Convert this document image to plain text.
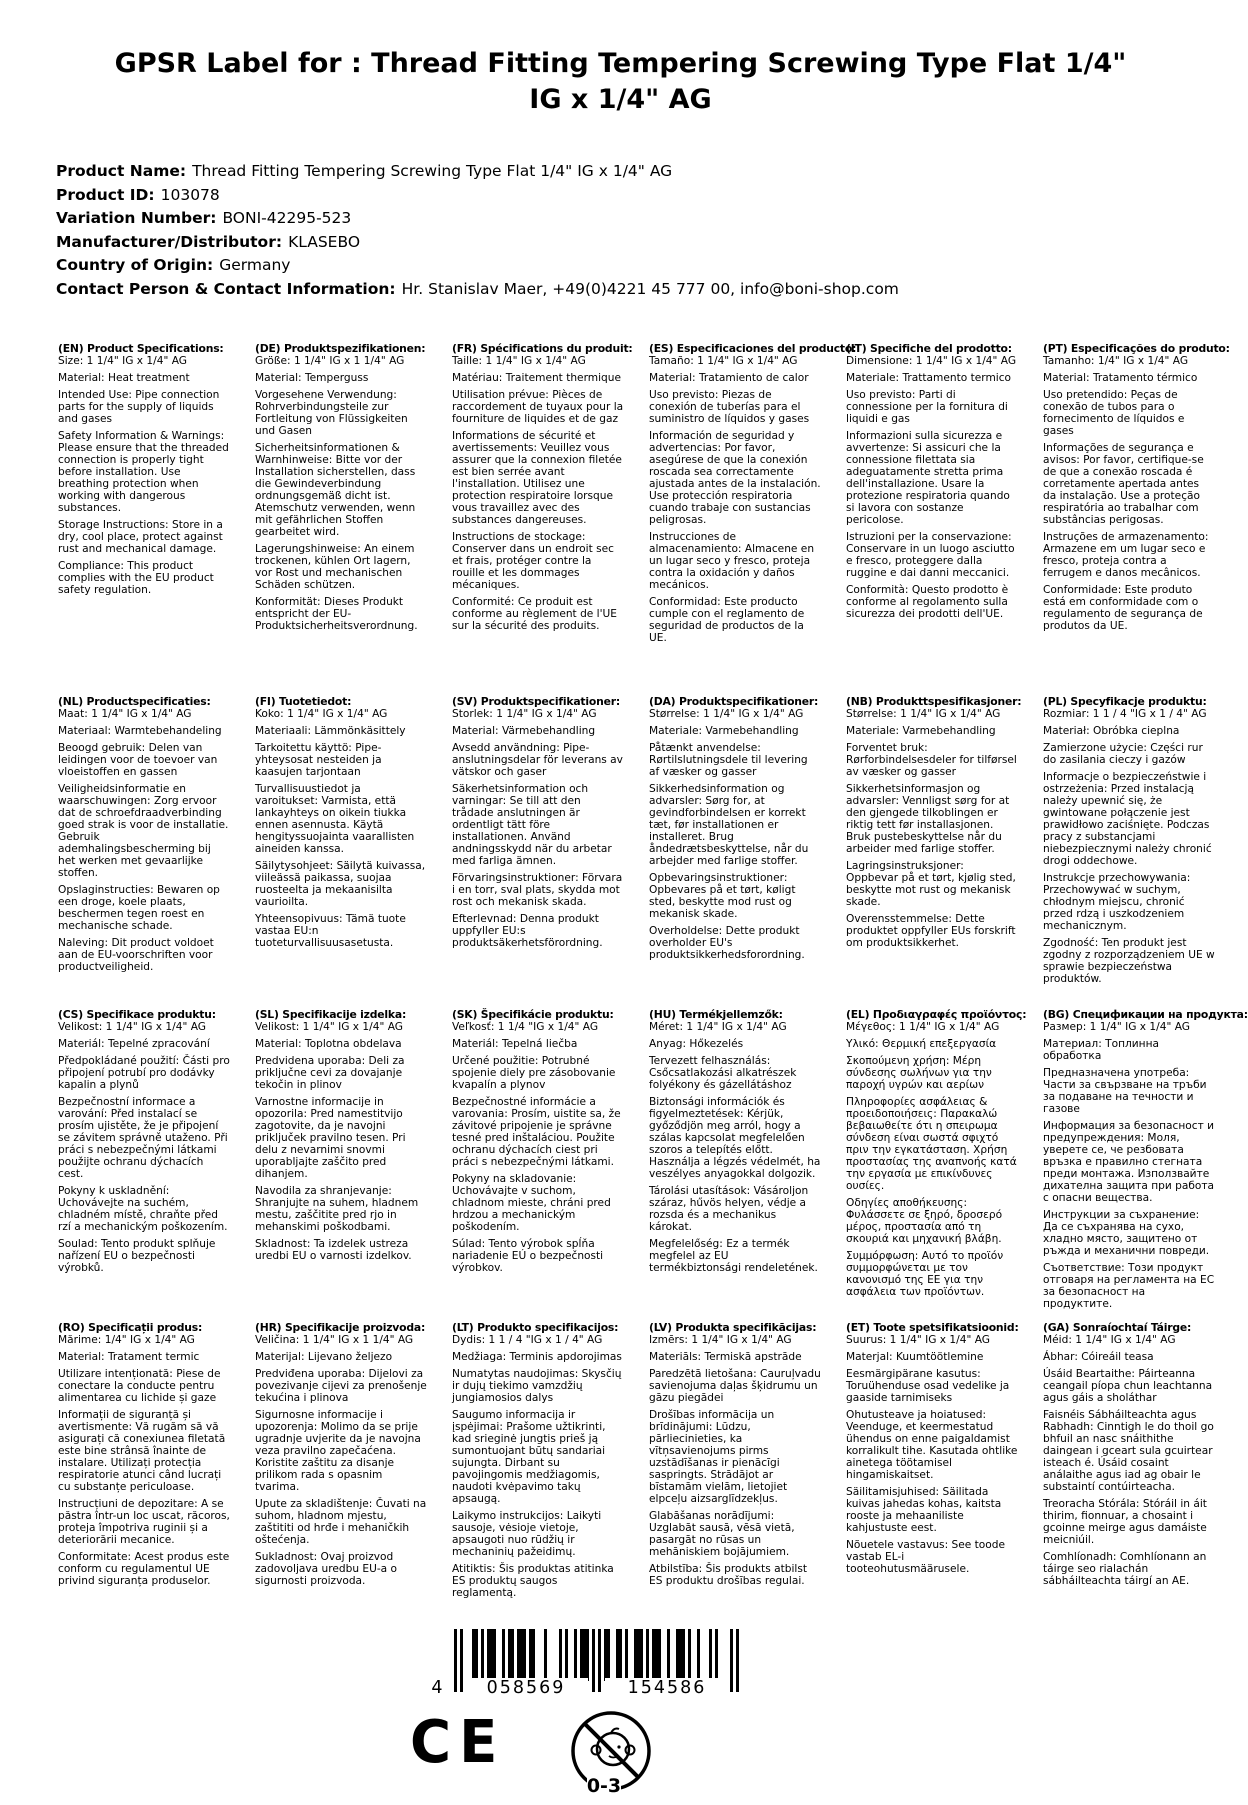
GPSR Label for : Thread Fitting Tempering Screwing Type Flat 1/4" IG x 1/4" AG
Product Name: Thread Fitting Tempering Screwing Type Flat 1/4" IG x 1/4" AG
Product ID: 103078
Variation Number: BONI-42295-523
Manufacturer/Distributor: KLASEBO
Country of Origin: Germany
Contact Person & Contact Information: Hr. Stanislav Maer, +49(0)4221 45 777 00, info@boni-shop.com
(EN) Product Specifications:

Size: 1 1/4" IG x 1/4" AG

Material: Heat treatment

Intended Use: Pipe connection parts for the supply of liquids and gases

Safety Information & Warnings: Please ensure that the threaded connection is properly tight before installation. Use breathing protection when working with dangerous substances.

Storage Instructions: Store in a dry, cool place, protect against rust and mechanical damage.

Compliance: This product complies with the EU product safety regulation.

(DE) Produktspezifikationen:

Größe: 1 1/4" IG x 1 1/4" AG

Material: Temperguss

Vorgesehene Verwendung: Rohrverbindungsteile zur Fortleitung von Flüssigkeiten und Gasen

Sicherheitsinformationen & Warnhinweise: Bitte vor der Installation sicherstellen, dass die Gewindeverbindung ordnungsgemäß dicht ist. Atemschutz verwenden, wenn mit gefährlichen Stoffen gearbeitet wird.

Lagerungshinweise: An einem trockenen, kühlen Ort lagern, vor Rost und mechanischen Schäden schützen.

Konformität: Dieses Produkt entspricht der EU-Produktsicherheitsverordnung.

(FR) Spécifications du produit:

Taille: 1 1/4" IG x 1/4" AG

Matériau: Traitement thermique

Utilisation prévue: Pièces de raccordement de tuyaux pour la fourniture de liquides et de gaz

Informations de sécurité et avertissements: Veuillez vous assurer que la connexion filetée est bien serrée avant l'installation. Utilisez une protection respiratoire lorsque vous travaillez avec des substances dangereuses.

Instructions de stockage: Conserver dans un endroit sec et frais, protéger contre la rouille et les dommages mécaniques.

Conformité: Ce produit est conforme au règlement de l'UE sur la sécurité des produits.

(ES) Especificaciones del producto:

Tamaño: 1 1/4" IG x 1/4" AG

Material: Tratamiento de calor

Uso previsto: Piezas de conexión de tuberías para el suministro de líquidos y gases

Información de seguridad y advertencias: Por favor, asegúrese de que la conexión roscada sea correctamente ajustada antes de la instalación. Use protección respiratoria cuando trabaje con sustancias peligrosas.

Instrucciones de almacenamiento: Almacene en un lugar seco y fresco, proteja contra la oxidación y daños mecánicos.

Conformidad: Este producto cumple con el reglamento de seguridad de productos de la UE.

(IT) Specifiche del prodotto:

Dimensione: 1 1/4" IG x 1/4" AG

Materiale: Trattamento termico

Uso previsto: Parti di connessione per la fornitura di liquidi e gas

Informazioni sulla sicurezza e avvertenze: Si assicuri che la connessione filettata sia adeguatamente stretta prima dell'installazione. Usare la protezione respiratoria quando si lavora con sostanze pericolose.

Istruzioni per la conservazione: Conservare in un luogo asciutto e fresco, proteggere dalla ruggine e dai danni meccanici.

Conformità: Questo prodotto è conforme al regolamento sulla sicurezza dei prodotti dell'UE.

(PT) Especificações do produto:

Tamanho: 1/4" IG x 1/4" AG

Material: Tratamento térmico

Uso pretendido: Peças de conexão de tubos para o fornecimento de líquidos e gases

Informações de segurança e avisos: Por favor, certifique-se de que a conexão roscada é corretamente apertada antes da instalação. Use a proteção respiratória ao trabalhar com substâncias perigosas.

Instruções de armazenamento: Armazene em um lugar seco e fresco, proteja contra a ferrugem e danos mecânicos.

Conformidade: Este produto está em conformidade com o regulamento de segurança de produtos da UE.

(NL) Productspecificaties:

Maat: 1 1/4" IG x 1/4" AG

Materiaal: Warmtebehandeling

Beoogd gebruik: Delen van leidingen voor de toevoer van vloeistoffen en gassen

Veiligheidsinformatie en waarschuwingen: Zorg ervoor dat de schroefdraadverbinding goed strak is voor de installatie. Gebruik ademhalingsbescherming bij het werken met gevaarlijke stoffen.

Opslaginstructies: Bewaren op een droge, koele plaats, beschermen tegen roest en mechanische schade.

Naleving: Dit product voldoet aan de EU-voorschriften voor productveiligheid.

(FI) Tuotetiedot:

Koko: 1 1/4" IG x 1/4" AG

Materiaali: Lämmönkäsittely

Tarkoitettu käyttö: Pipe-yhteysosat nesteiden ja kaasujen tarjontaan

Turvallisuustiedot ja varoitukset: Varmista, että lankayhteys on oikein tiukka ennen asennusta. Käytä hengityssuojainta vaarallisten aineiden kanssa.

Säilytysohjeet: Säilytä kuivassa, viileässä paikassa, suojaa ruosteelta ja mekaanisilta vaurioilta.

Yhteensopivuus: Tämä tuote vastaa EU:n tuoteturvallisuusasetusta.

(SV) Produktspecifikationer:

Storlek: 1 1/4" IG x 1/4" AG

Material: Värmebehandling

Avsedd användning: Pipe-anslutningsdelar för leverans av vätskor och gaser

Säkerhetsinformation och varningar: Se till att den trådade anslutningen är ordentligt tätt före installationen. Använd andningsskydd när du arbetar med farliga ämnen.

Förvaringsinstruktioner: Förvara i en torr, sval plats, skydda mot rost och mekanisk skada.

Efterlevnad: Denna produkt uppfyller EU:s produktsäkerhetsförordning.

(DA) Produktspecifikationer:

Størrelse: 1 1/4" IG x 1/4" AG

Materiale: Varmebehandling

Påtænkt anvendelse: Rørtilslutningsdele til levering af væsker og gasser

Sikkerhedsinformation og advarsler: Sørg for, at gevindforbindelsen er korrekt tæt, før installationen er installeret. Brug åndedrætsbeskyttelse, når du arbejder med farlige stoffer.

Opbevaringsinstruktioner: Opbevares på et tørt, køligt sted, beskytte mod rust og mekanisk skade.

Overholdelse: Dette produkt overholder EU's produktsikkerhedsforordning.

(NB) Produkttspesifikasjoner:

Størrelse: 1 1/4" IG x 1/4" AG

Materiale: Varmebehandling

Forventet bruk: Rørforbindelsesdeler for tilførsel av væsker og gasser

Sikkerhetsinformasjon og advarsler: Vennligst sørg for at den gjengede tilkoblingen er riktig tett før installasjonen. Bruk pustebeskyttelse når du arbeider med farlige stoffer.

Lagringsinstruksjoner: Oppbevar på et tørt, kjølig sted, beskytte mot rust og mekanisk skade.

Overensstemmelse: Dette produktet oppfyller EUs forskrift om produktsikkerhet.

(PL) Specyfikacje produktu:

Rozmiar: 1 1 / 4 "IG x 1 / 4" AG

Materiał: Obróbka cieplna

Zamierzone użycie: Części rur do zasilania cieczy i gazów

Informacje o bezpieczeństwie i ostrzeżenia: Przed instalacją należy upewnić się, że gwintowane połączenie jest prawidłowo zaciśnięte. Podczas pracy z substancjami niebezpiecznymi należy chronić drogi oddechowe.

Instrukcje przechowywania: Przechowywać w suchym, chłodnym miejscu, chronić przed rdzą i uszkodzeniem mechanicznym.

Zgodność: Ten produkt jest zgodny z rozporządzeniem UE w sprawie bezpieczeństwa produktów.

(CS) Specifikace produktu:

Velikost: 1 1/4" IG x 1/4" AG

Materiál: Tepelné zpracování

Předpokládané použití: Části pro připojení potrubí pro dodávky kapalin a plynů

Bezpečnostní informace a varování: Před instalací se prosím ujistěte, že je připojení se závitem správně utaženo. Při práci s nebezpečnými látkami použijte ochranu dýchacích cest.

Pokyny k uskladnění: Uchovávejte na suchém, chladném místě, chraňte před rzí a mechanickým poškozením.

Soulad: Tento produkt splňuje nařízení EU o bezpečnosti výrobků.

(SL) Specifikacije izdelka:

Velikost: 1 1/4" IG x 1/4" AG

Material: Toplotna obdelava

Predvidena uporaba: Deli za priključne cevi za dovajanje tekočin in plinov

Varnostne informacije in opozorila: Pred namestitvijo zagotovite, da je navojni priključek pravilno tesen. Pri delu z nevarnimi snovmi uporabljajte zaščito pred dihanjem.

Navodila za shranjevanje: Shranjujte na suhem, hladnem mestu, zaščitite pred rjo in mehanskimi poškodbami.

Skladnost: Ta izdelek ustreza uredbi EU o varnosti izdelkov.

(SK) Špecifikácie produktu:

Veľkosť: 1 1/4 "IG x 1/4" AG

Materiál: Tepelná liečba

Určené použitie: Potrubné spojenie diely pre zásobovanie kvapalín a plynov

Bezpečnostné informácie a varovania: Prosím, uistite sa, že závitové pripojenie je správne tesné pred inštaláciou. Použite ochranu dýchacích ciest pri práci s nebezpečnými látkami.

Pokyny na skladovanie: Uchovávajte v suchom, chladnom mieste, chráni pred hrdzou a mechanickým poškodením.

Súlad: Tento výrobok spĺňa nariadenie EÚ o bezpečnosti výrobkov.

(HU) Termékjellemzők:

Méret: 1 1/4" IG x 1/4" AG

Anyag: Hőkezelés

Tervezett felhasználás: Csőcsatlakozási alkatrészek folyékony és gázellátáshoz

Biztonsági információk és figyelmeztetések: Kérjük, győződjön meg arról, hogy a szálas kapcsolat megfelelően szoros a telepítés előtt. Használja a légzés védelmét, ha veszélyes anyagokkal dolgozik.

Tárolási utasítások: Vásároljon száraz, hűvös helyen, védje a rozsda és a mechanikus károkat.

Megfelelőség: Ez a termék megfelel az EU termékbiztonsági rendeletének.

(EL) Προδιαγραφές προϊόντος:

Μέγεθος: 1 1/4" IG x 1/4" AG

Υλικό: Θερμική επεξεργασία

Σκοπούμενη χρήση: Μέρη σύνδεσης σωλήνων για την παροχή υγρών και αερίων

Πληροφορίες ασφάλειας & προειδοποιήσεις: Παρακαλώ βεβαιωθείτε ότι η σπειρωμα σύνδεση είναι σωστά σφιχτό πριν την εγκατάσταση. Χρήση προστασίας της αναπνοής κατά την εργασία με επικίνδυνες ουσίες.

Οδηγίες αποθήκευσης: Φυλάσσετε σε ξηρό, δροσερό μέρος, προστασία από τη σκουριά και μηχανική βλάβη.

Συμμόρφωση: Αυτό το προϊόν συμμορφώνεται με τον κανονισμό της ΕΕ για την ασφάλεια των προϊόντων.

(BG) Спецификации на продукта:

Размер: 1 1/4" IG x 1/4" AG

Материал: Топлинна обработка

Предназначена употреба: Части за свързване на тръби за подаване на течности и газове

Информация за безопасност и предупреждения: Моля, уверете се, че резбовата връзка е правилно стегната преди монтажа. Използвайте дихателна защита при работа с опасни вещества.

Инструкции за съхранение: Да се съхранява на сухо, хладно място, защитено от ръжда и механични повреди.

Съответствие: Този продукт отговаря на регламента на ЕС за безопасност на продуктите.

(RO) Specificații produs:

Mărime: 1/4" IG x 1/4" AG

Material: Tratament termic

Utilizare intenționată: Piese de conectare la conducte pentru alimentarea cu lichide și gaze

Informații de siguranță și avertismente: Vă rugăm să vă asigurați că conexiunea filetată este bine strânsă înainte de instalare. Utilizați protecția respiratorie atunci când lucrați cu substanțe periculoase.

Instrucțiuni de depozitare: A se păstra într-un loc uscat, răcoros, proteja împotriva ruginii și a deteriorării mecanice.

Conformitate: Acest produs este conform cu regulamentul UE privind siguranța produselor.

(HR) Specifikacije proizvoda:

Veličina: 1 1/4" IG x 1 1/4" AG

Materijal: Lijevano željezo

Predviđena uporaba: Dijelovi za povezivanje cijevi za prenošenje tekućina i plinova

Sigurnosne informacije i upozorenja: Molimo da se prije ugradnje uvjerite da je navojna veza pravilno zapečaćena. Koristite zaštitu za disanje prilikom rada s opasnim tvarima.

Upute za skladištenje: Čuvati na suhom, hladnom mjestu, zaštititi od hrđe i mehaničkih oštećenja.

Sukladnost: Ovaj proizvod zadovoljava uredbu EU-a o sigurnosti proizvoda.

(LT) Produkto specifikacijos:

Dydis: 1 1 / 4 "IG x 1 / 4" AG

Medžiaga: Terminis apdorojimas

Numatytas naudojimas: Skysčių ir dujų tiekimo vamzdžių jungiamosios dalys

Saugumo informacija ir įspėjimai: Prašome užtikrinti, kad srieginė jungtis prieš ją sumontuojant būtų sandariai sujungta. Dirbant su pavojingomis medžiagomis, naudoti kvėpavimo takų apsaugą.

Laikymo instrukcijos: Laikyti sausoje, vėsioje vietoje, apsaugoti nuo rūdžių ir mechaninių pažeidimų.

Atitiktis: Šis produktas atitinka ES produktų saugos reglamentą.

(LV) Produkta specifikācijas:

Izmērs: 1 1/4" IG x 1/4" AG

Materiāls: Termiskā apstrāde

Paredzētā lietošana: Cauruļvadu savienojuma daļas šķidrumu un gāzu piegādei

Drošības informācija un brīdinājumi: Lūdzu, pārliecinieties, ka vītņsavienojums pirms uzstādīšanas ir pienācīgi saspringts. Strādājot ar bīstamām vielām, lietojiet elpceļu aizsarglīdzekļus.

Glabāšanas norādījumi: Uzglabāt sausā, vēsā vietā, pasargāt no rūsas un mehāniskiem bojājumiem.

Atbilstība: Šis produkts atbilst ES produktu drošības regulai.

(ET) Toote spetsifikatsioonid:

Suurus: 1 1/4" IG x 1/4" AG

Materjal: Kuumtöötlemine

Eesmärgipärane kasutus: Toruühenduse osad vedelike ja gaaside tarnimiseks

Ohutusteave ja hoiatused: Veenduge, et keermestatud ühendus on enne paigaldamist korralikult tihe. Kasutada ohtlike ainetega töötamisel hingamiskaitset.

Säilitamisjuhised: Säilitada kuivas jahedas kohas, kaitsta rooste ja mehaaniliste kahjustuste eest.

Nõuetele vastavus: See toode vastab EL-i tooteohutusmäärusele.

(GA) Sonraíochtaí Táirge:

Méid: 1 1/4" IG x 1/4" AG

Ábhar: Cóireáil teasa

Úsáid Beartaithe: Páirteanna ceangail píopa chun leachtanna agus gáis a sholáthar

Faisnéis Sábháilteachta agus Rabhadh: Cinntigh le do thoil go bhfuil an nasc snáithithe daingean i gceart sula gcuirtear isteach é. Úsáid cosaint análaithe agus iad ag obair le substaintí contúirteacha.

Treoracha Stórála: Stóráil in áit thirim, fionnuar, a chosaint i gcoinne meirge agus damáiste meicniúil.

Comhlíonadh: Comhlíonann an táirge seo rialachán sábháilteachta táirgí an AE.

4	058569	154586
CE
0-3
